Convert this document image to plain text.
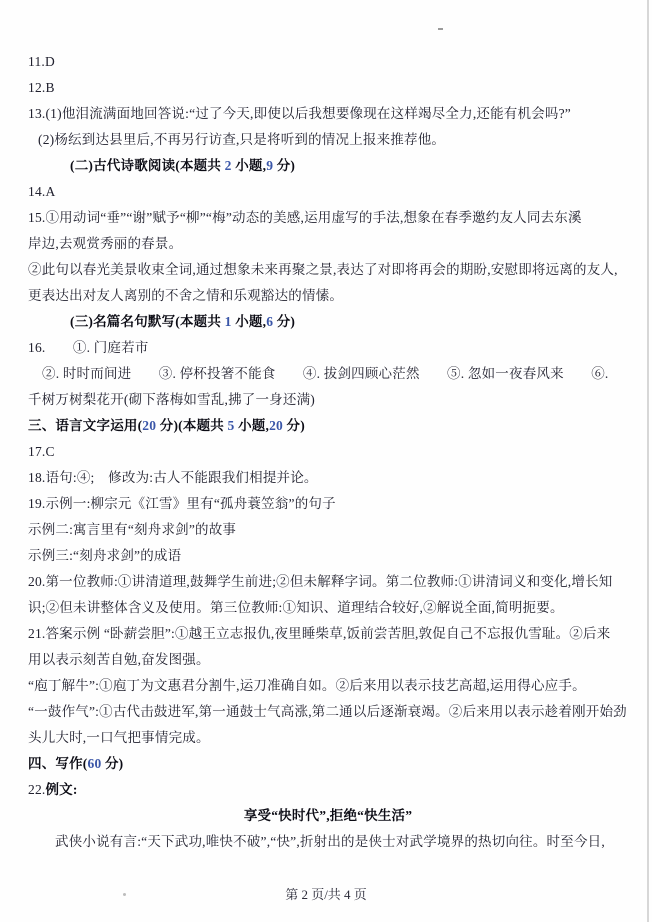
11.D

12.B

13.(1)他泪流满面地回答说:“过了今天,即使以后我想要像现在这样竭尽全力,还能有机会吗?”

(2)杨纭到达县里后,不再另行访查,只是将听到的情况上报来推荐他。

(二)古代诗歌阅读(本题共 2 小题,9 分)

14.A

15.①用动词“垂”“谢”赋予“柳”“梅”动态的美感,运用虚写的手法,想象在春季邀约友人同去东溪

岸边,去观赏秀丽的春景。

②此句以春光美景收束全词,通过想象未来再聚之景,表达了对即将再会的期盼,安慰即将远离的友人,

更表达出对友人离别的不舍之情和乐观豁达的情愫。

(三)名篇名句默写(本题共 1 小题,6 分)

16.　　①. 门庭若市

②. 时时而间进　　③. 停杯投箸不能食　　④. 拔剑四顾心茫然　　⑤. 忽如一夜春风来　　⑥.

千树万树梨花开(砌下落梅如雪乱,拂了一身还满)

三、语言文字运用(20 分)(本题共 5 小题,20 分)

17.C

18.语句:④;　修改为:古人不能跟我们相提并论。

19.示例一:柳宗元《江雪》里有“孤舟蓑笠翁”的句子

示例二:寓言里有“刻舟求剑”的故事

示例三:“刻舟求剑”的成语

20.第一位教师:①讲清道理,鼓舞学生前进;②但未解释字词。第二位教师:①讲清词义和变化,增长知

识;②但未讲整体含义及使用。第三位教师:①知识、道理结合较好,②解说全面,简明扼要。

21.答案示例 “卧薪尝胆”:①越王立志报仇,夜里睡柴草,饭前尝苦胆,敦促自己不忘报仇雪耻。②后来

用以表示刻苦自勉,奋发图强。

“庖丁解牛”:①庖丁为文惠君分割牛,运刀准确自如。②后来用以表示技艺高超,运用得心应手。

“一鼓作气”:①古代击鼓进军,第一通鼓士气高涨,第二通以后逐渐衰竭。②后来用以表示趁着刚开始劲

头儿大时,一口气把事情完成。

四、写作(60 分)

22.例文:

享受“快时代”,拒绝“快生活”

武侠小说有言:“天下武功,唯快不破”,“快”,折射出的是侠士对武学境界的热切向往。时至今日,

第 2 页/共 4 页
